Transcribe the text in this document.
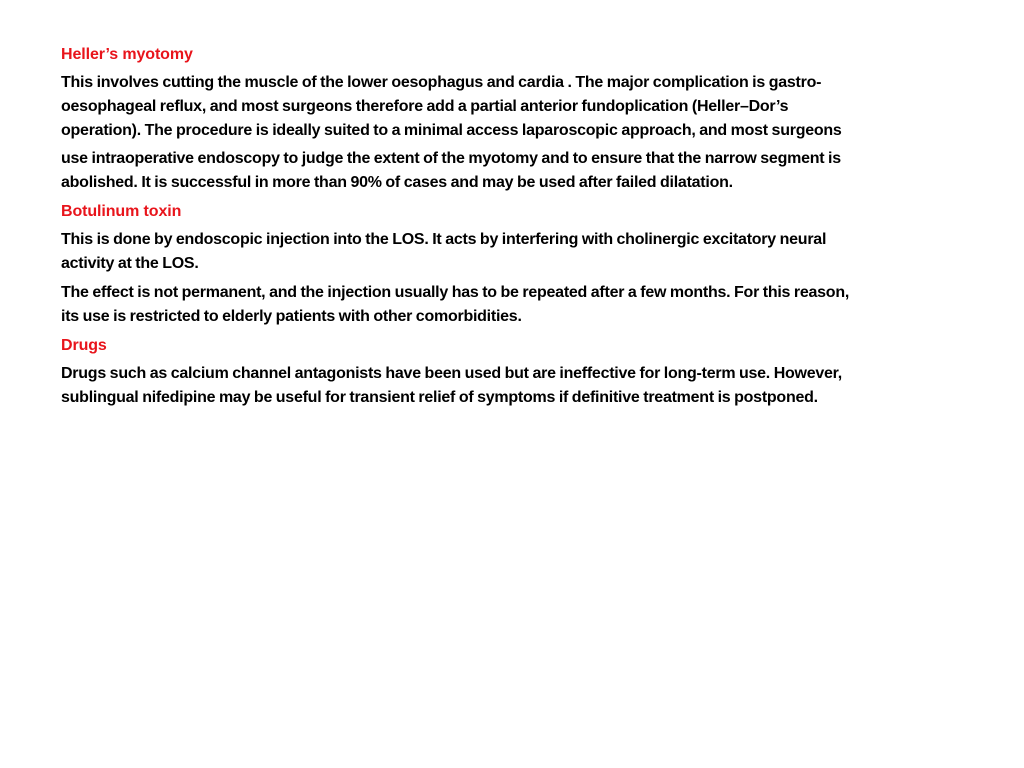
Heller’s myotomy
This involves cutting the muscle of the lower oesophagus and cardia . The major complication is gastro-
oesophageal reflux, and most surgeons therefore add a partial anterior fundoplication (Heller–Dor’s
operation). The procedure is ideally suited to a minimal access laparoscopic approach, and most surgeons
use intraoperative endoscopy to judge the extent of the myotomy and to ensure that the narrow segment is
abolished. It is successful in more than 90% of cases and may be used after failed dilatation.
Botulinum toxin
This is done by endoscopic injection into the LOS. It acts by interfering with cholinergic excitatory neural
activity at the LOS.
The effect is not permanent, and the injection usually has to be repeated after a few months. For this reason,
its use is restricted to elderly patients with other comorbidities.
Drugs
Drugs such as calcium channel antagonists have been used but are ineffective for long-term use. However,
sublingual nifedipine may be useful for transient relief of symptoms if definitive treatment is postponed.
